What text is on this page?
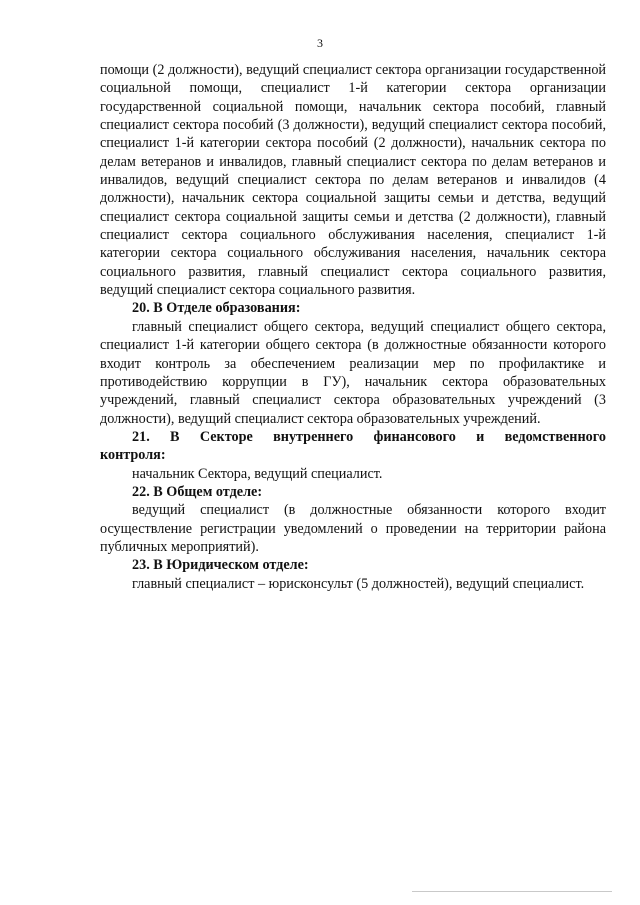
3

помощи (2 должности), ведущий специалист сектора организации государственной социальной помощи, специалист 1-й категории сектора организации государственной социальной помощи, начальник сектора пособий, главный специалист сектора пособий (3 должности), ведущий специалист сектора пособий, специалист 1-й категории сектора пособий (2 должности), начальник сектора по делам ветеранов и инвалидов, главный специалист сектора по делам ветеранов и инвалидов, ведущий специалист сектора по делам ветеранов и инвалидов (4 должности), начальник сектора социальной защиты семьи и детства, ведущий специалист сектора социальной защиты семьи и детства (2 должности), главный специалист сектора социального обслуживания населения, специалист 1-й категории сектора социального обслуживания населения, начальник сектора социального развития, главный специалист сектора социального развития, ведущий специалист сектора социального развития.

20. В Отделе образования:

главный специалист общего сектора, ведущий специалист общего сектора, специалист 1-й категории общего сектора (в должностные обязанности которого входит контроль за обеспечением реализации мер по профилактике и противодействию коррупции в ГУ), начальник сектора образовательных учреждений, главный специалист сектора образовательных учреждений (3 должности), ведущий специалист сектора образовательных учреждений.

21. В Секторе внутреннего финансового и ведомственного
контроля:

начальник Сектора, ведущий специалист.

22. В Общем отделе:

ведущий специалист (в должностные обязанности которого входит осуществление регистрации уведомлений о проведении на территории района публичных мероприятий).

23. В Юридическом отделе:

главный специалист – юрисконсульт (5 должностей), ведущий специалист.
